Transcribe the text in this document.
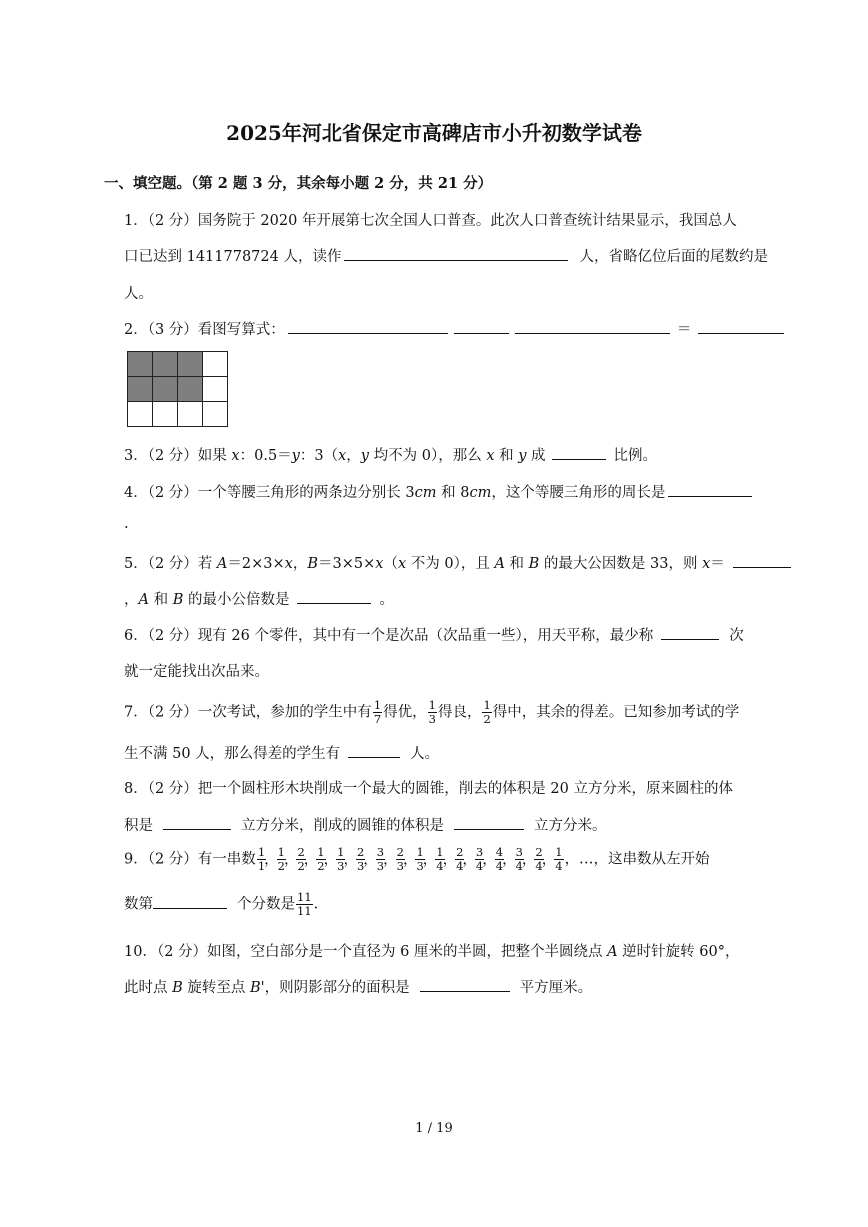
2025年河北省保定市高碑店市小升初数学试卷
一、填空题。（第 2 题 3 分，其余每小题 2 分，共 21 分）
1．（2 分）国务院于 2020 年开展第七次全国人口普查。此次人口普查统计结果显示，我国总人
口已达到 1411778724 人，读作	人，省略亿位后面的尾数约是
人。
2．（3 分）看图写算式：	＝

3．（2 分）如果 x：0.5＝y：3（x，y 均不为 0），那么 x 和 y 成	比例。
4．（2 分）一个等腰三角形的两条边分别长 3cm 和 8cm，这个等腰三角形的周长是
.
5．（2 分）若 A＝2×3×x，B＝3×5×x（x 不为 0），且 A 和 B 的最大公因数是 33，则 x＝
，A 和 B 的最小公倍数是	。
6．（2 分）现有 26 个零件，其中有一个是次品（次品重一些），用天平称，最少称	次
就一定能找出次品来。
7．（2 分）一次考试，参加的学生中有 $\frac{1}{7}$ 得优， $\frac{1}{3}$ 得良， $\frac{1}{2}$ 得中，其余的得差。已知参加考试的学
生不满 50 人，那么得差的学生有	人。
8．（2 分）把一个圆柱形木块削成一个最大的圆锥，削去的体积是 20 立方分米，原来圆柱的体
积是	立方分米，削成的圆锥的体积是	立方分米。
9．（2 分）有一串数 $\frac{1}{1}$
，
$\frac{1}{2}$
，
$\frac{2}{2}$
，
$\frac{1}{2}$
，
$\frac{1}{3}$
，
$\frac{2}{3}$
，
$\frac{3}{3}$
，
$\frac{2}{3}$
，
$\frac{1}{3}$
，
$\frac{1}{4}$
，
$\frac{2}{4}$
，
$\frac{3}{4}$
，
$\frac{4}{4}$
，
$\frac{3}{4}$
，
$\frac{2}{4}$
，
$\frac{1}{4}$ ，…，这串数从左开始
数第	个分数是 $\frac{11}{11}$ .
10．（2 分）如图，空白部分是一个直径为 6 厘米的半圆，把整个半圆绕点 A 逆时针旋转 60°，
此时点 B 旋转至点 B'，则阴影部分的面积是	平方厘米。
1 / 19
